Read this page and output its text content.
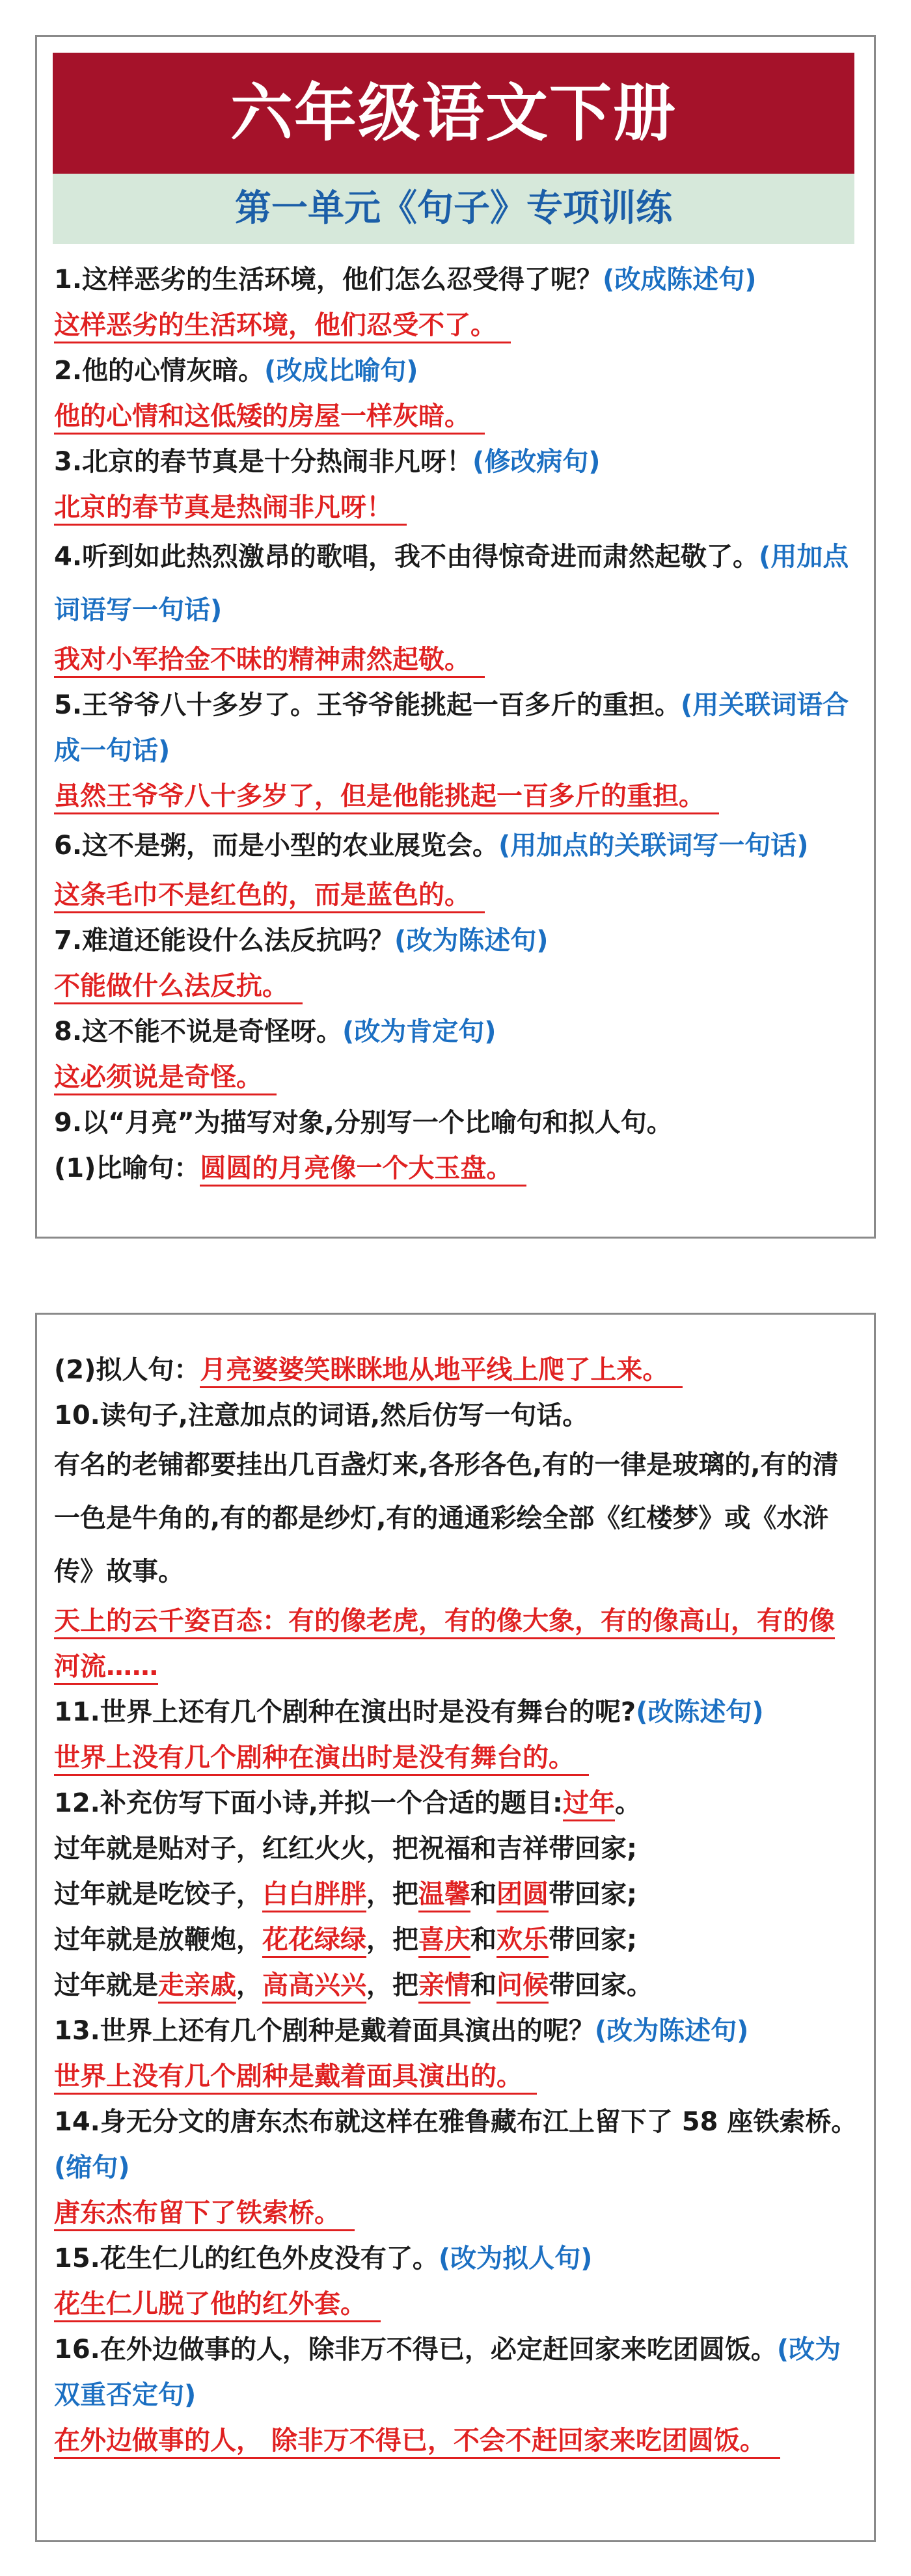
六年级语文下册
第一单元《句子》专项训练
1.这样恶劣的生活环境，他们怎么忍受得了呢？(改成陈述句)
这样恶劣的生活环境，他们忍受不了。
2.他的心情灰暗。(改成比喻句)
他的心情和这低矮的房屋一样灰暗。
3.北京的春节真是十分热闹非凡呀！(修改病句)
北京的春节真是热闹非凡呀！
4.听到如此热烈激昂的歌唱，我不由得惊奇进而肃然起敬了。(用加点词语写一句话)
我对小军拾金不昧的精神肃然起敬。
5.王爷爷八十多岁了。王爷爷能挑起一百多斤的重担。(用关联词语合成一句话)
虽然王爷爷八十多岁了，但是他能挑起一百多斤的重担。
6.这不是粥，而是小型的农业展览会。(用加点的关联词写一句话)
这条毛巾不是红色的，而是蓝色的。
7.难道还能设什么法反抗吗？(改为陈述句)
不能做什么法反抗。
8.这不能不说是奇怪呀。(改为肯定句)
这必须说是奇怪。
9.以“月亮”为描写对象,分别写一个比喻句和拟人句。
(1)比喻句：圆圆的月亮像一个大玉盘。
(2)拟人句：月亮婆婆笑眯眯地从地平线上爬了上来。
10.读句子,注意加点的词语,然后仿写一句话。
有名的老铺都要挂出几百盏灯来,各形各色,有的一律是玻璃的,有的清一色是牛角的,有的都是纱灯,有的通通彩绘全部《红楼梦》或《水浒传》故事。
天上的云千姿百态：有的像老虎，有的像大象，有的像高山，有的像河流……
11.世界上还有几个剧种在演出时是没有舞台的呢?(改陈述句)
世界上没有几个剧种在演出时是没有舞台的。
12.补充仿写下面小诗,并拟一个合适的题目:过年。
过年就是贴对子，红红火火，把祝福和吉祥带回家;
过年就是吃饺子，白白胖胖，把温馨和团圆带回家;
过年就是放鞭炮，花花绿绿，把喜庆和欢乐带回家;
过年就是走亲戚，高高兴兴，把亲情和问候带回家。
13.世界上还有几个剧种是戴着面具演出的呢？(改为陈述句)
世界上没有几个剧种是戴着面具演出的。
14.身无分文的唐东杰布就这样在雅鲁藏布江上留下了 58 座铁索桥。(缩句)
唐东杰布留下了铁索桥。
15.花生仁儿的红色外皮没有了。(改为拟人句)
花生仁儿脱了他的红外套。
16.在外边做事的人，除非万不得已，必定赶回家来吃团圆饭。(改为双重否定句)
在外边做事的人， 除非万不得已，不会不赶回家来吃团圆饭。
